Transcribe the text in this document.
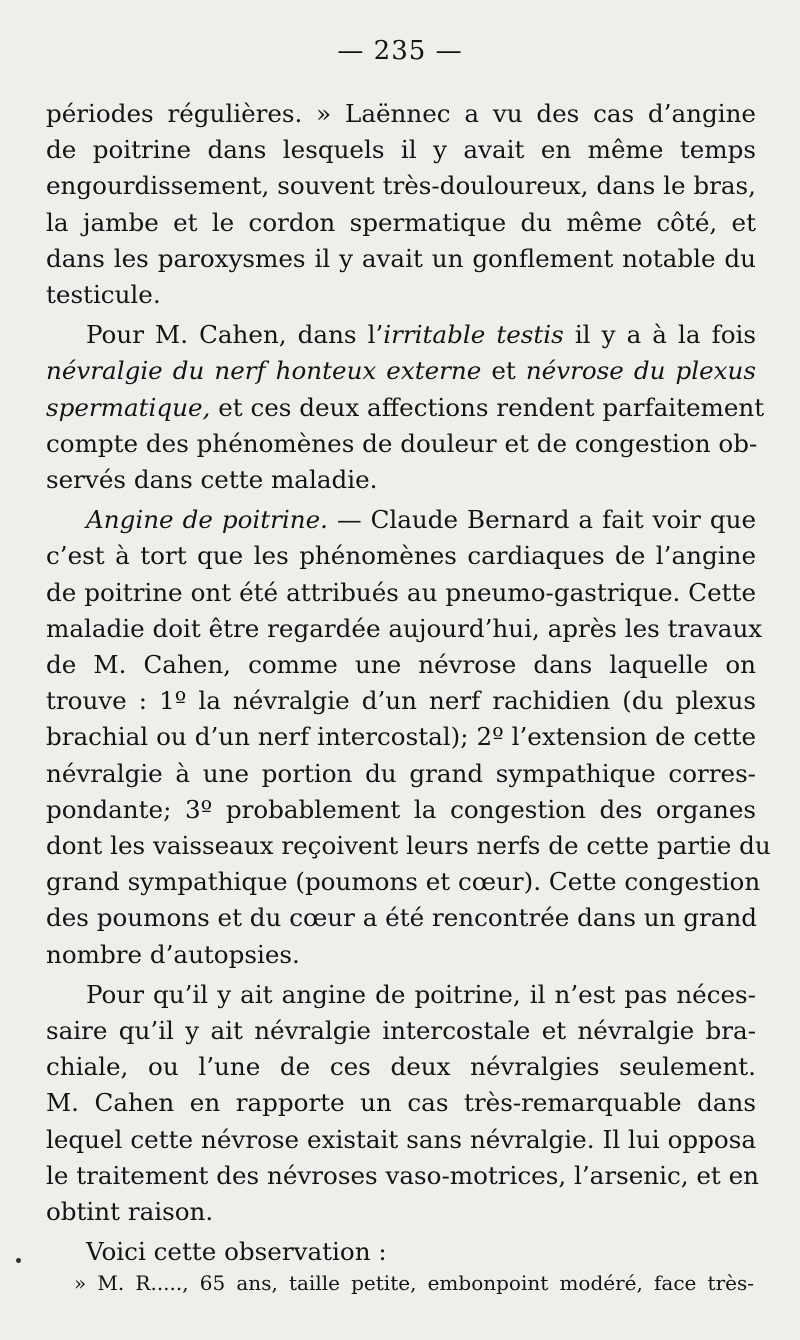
— 235 —
périodes régulières. » Laënnec a vu des cas d’angine
de poitrine dans lesquels il y avait en même temps
engourdissement, souvent très-douloureux, dans le bras,
la jambe et le cordon spermatique du même côté, et
dans les paroxysmes il y avait un gonflement notable du
testicule.
Pour M. Cahen, dans l’irritable testis il y a à la fois
névralgie du nerf honteux externe et névrose du plexus
spermatique, et ces deux affections rendent parfaitement
compte des phénomènes de douleur et de congestion ob-
servés dans cette maladie.
Angine de poitrine. — Claude Bernard a fait voir que
c’est à tort que les phénomènes cardiaques de l’angine
de poitrine ont été attribués au pneumo-gastrique. Cette
maladie doit être regardée aujourd’hui, après les travaux
de M. Cahen, comme une névrose dans laquelle on
trouve : 1º la névralgie d’un nerf rachidien (du plexus
brachial ou d’un nerf intercostal); 2º l’extension de cette
névralgie à une portion du grand sympathique corres-
pondante; 3º probablement la congestion des organes
dont les vaisseaux reçoivent leurs nerfs de cette partie du
grand sympathique (poumons et cœur). Cette congestion
des poumons et du cœur a été rencontrée dans un grand
nombre d’autopsies.
Pour qu’il y ait angine de poitrine, il n’est pas néces-
saire qu’il y ait névralgie intercostale et névralgie bra-
chiale, ou l’une de ces deux névralgies seulement.
M. Cahen en rapporte un cas très-remarquable dans
lequel cette névrose existait sans névralgie. Il lui opposa
le traitement des névroses vaso-motrices, l’arsenic, et en
obtint raison.
Voici cette observation :
» M. R....., 65 ans, taille petite, embonpoint modéré, face très-
